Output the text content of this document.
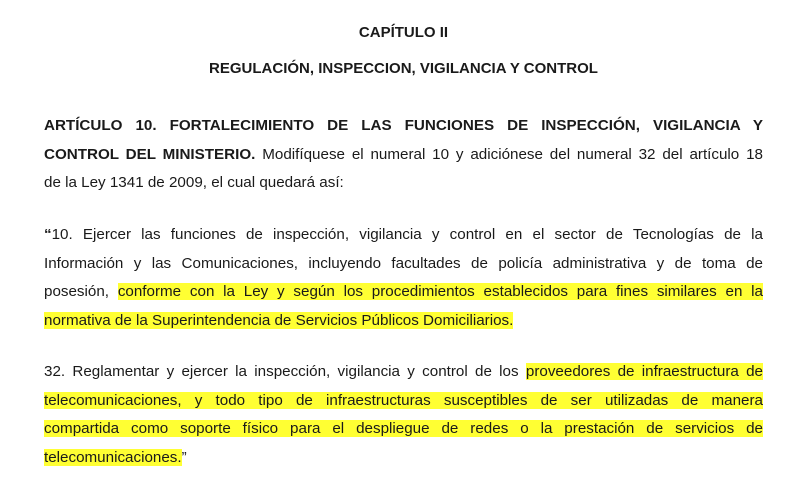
CAPÍTULO II

REGULACIÓN, INSPECCION, VIGILANCIA Y CONTROL

ARTÍCULO 10. FORTALECIMIENTO DE LAS FUNCIONES DE INSPECCIÓN, VIGILANCIA Y
CONTROL DEL MINISTERIO. Modifíquese el numeral 10 y adiciónese del numeral 32 del artículo 18
de la Ley 1341 de 2009, el cual quedará así:
“10. Ejercer las funciones de inspección, vigilancia y control en el sector de Tecnologías de la
Información y las Comunicaciones, incluyendo facultades de policía administrativa y de toma de
posesión, conforme con la Ley y según los procedimientos establecidos para fines similares en la
normativa de la Superintendencia de Servicios Públicos Domiciliarios.
32. Reglamentar y ejercer la inspección, vigilancia y control de los proveedores de infraestructura de
telecomunicaciones, y todo tipo de infraestructuras susceptibles de ser utilizadas de manera
compartida como soporte físico para el despliegue de redes o la prestación de servicios de
telecomunicaciones.”
